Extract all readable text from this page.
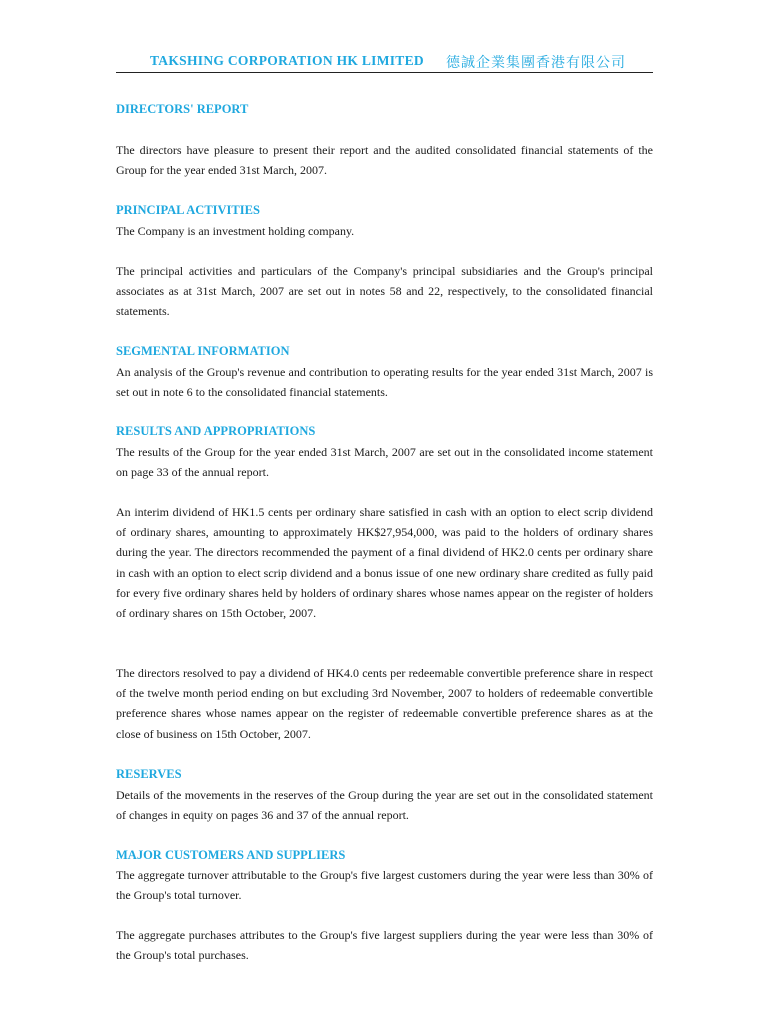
TAKSHING CORPORATION HK LIMITED 德誠企業集團香港有限公司
DIRECTORS' REPORT
The directors have pleasure to present their report and the audited consolidated financial statements of the Group for the year ended 31st March, 2007.
PRINCIPAL ACTIVITIES
The Company is an investment holding company.
The principal activities and particulars of the Company's principal subsidiaries and the Group's principal associates as at 31st March, 2007 are set out in notes 58 and 22, respectively, to the consolidated financial statements.
SEGMENTAL INFORMATION
An analysis of the Group's revenue and contribution to operating results for the year ended 31st March, 2007 is set out in note 6 to the consolidated financial statements.
RESULTS AND APPROPRIATIONS
The results of the Group for the year ended 31st March, 2007 are set out in the consolidated income statement on page 33 of the annual report.
An interim dividend of HK1.5 cents per ordinary share satisfied in cash with an option to elect scrip dividend of ordinary shares, amounting to approximately HK$27,954,000, was paid to the holders of ordinary shares during the year. The directors recommended the payment of a final dividend of HK2.0 cents per ordinary share in cash with an option to elect scrip dividend and a bonus issue of one new ordinary share credited as fully paid for every five ordinary shares held by holders of ordinary shares whose names appear on the register of holders of ordinary shares on 15th October, 2007.
The directors resolved to pay a dividend of HK4.0 cents per redeemable convertible preference share in respect of the twelve month period ending on but excluding 3rd November, 2007 to holders of redeemable convertible preference shares whose names appear on the register of redeemable convertible preference shares as at the close of business on 15th October, 2007.
RESERVES
Details of the movements in the reserves of the Group during the year are set out in the consolidated statement of changes in equity on pages 36 and 37 of the annual report.
MAJOR CUSTOMERS AND SUPPLIERS
The aggregate turnover attributable to the Group's five largest customers during the year were less than 30% of the Group's total turnover.
The aggregate purchases attributes to the Group's five largest suppliers during the year were less than 30% of the Group's total purchases.
